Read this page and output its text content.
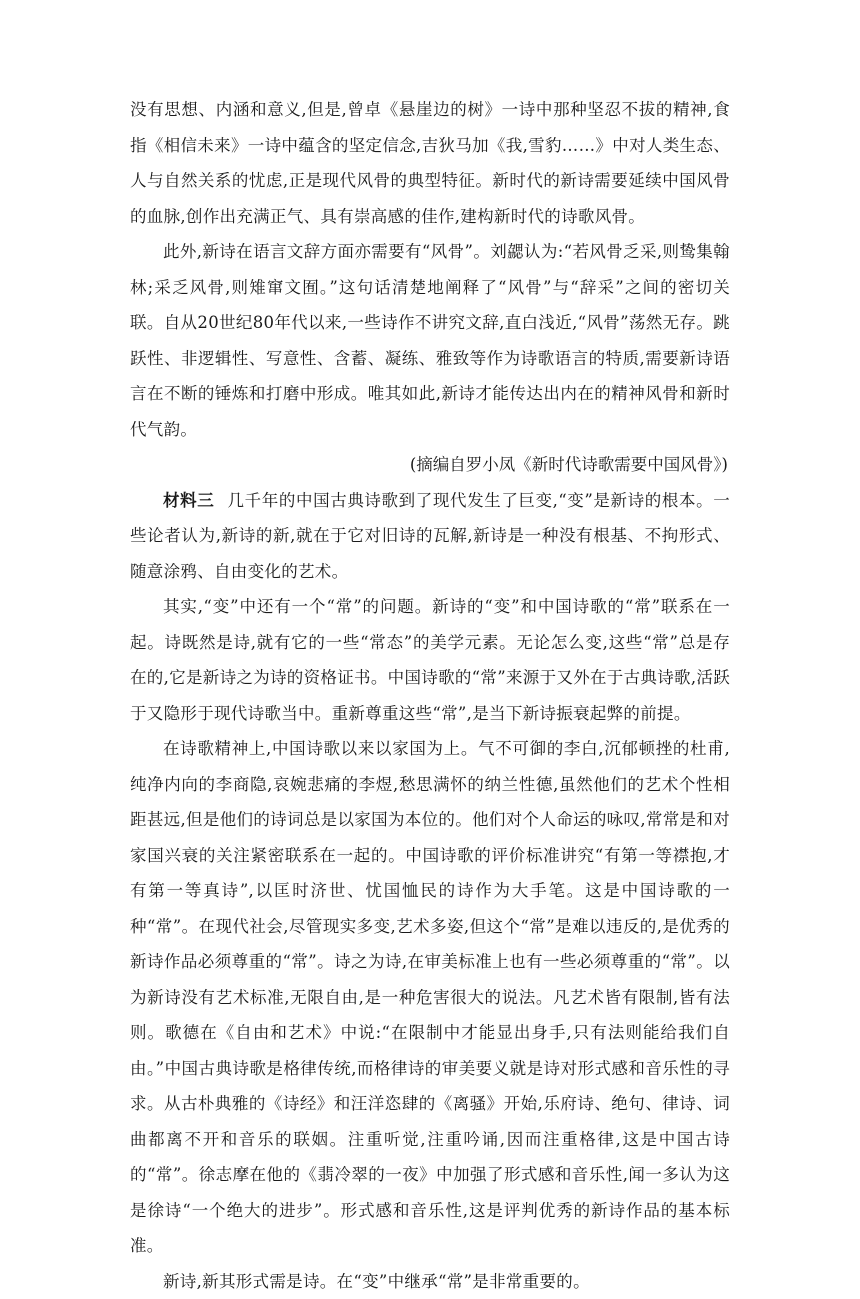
没有思想、内涵和意义,但是,曾卓《悬崖边的树》一诗中那种坚忍不拔的精神,食指《相信未来》一诗中蕴含的坚定信念,吉狄马加《我,雪豹……》中对人类生态、人与自然关系的忧虑,正是现代风骨的典型特征。新时代的新诗需要延续中国风骨的血脉,创作出充满正气、具有崇高感的佳作,建构新时代的诗歌风骨。

此外,新诗在语言文辞方面亦需要有“风骨”。刘勰认为:“若风骨乏采,则鸷集翰林;采乏风骨,则雉窜文囿。”这句话清楚地阐释了“风骨”与“辞采”之间的密切关联。自从20世纪80年代以来,一些诗作不讲究文辞,直白浅近,“风骨”荡然无存。跳跃性、非逻辑性、写意性、含蓄、凝练、雅致等作为诗歌语言的特质,需要新诗语言在不断的锤炼和打磨中形成。唯其如此,新诗才能传达出内在的精神风骨和新时代气韵。

(摘编自罗小凤《新时代诗歌需要中国风骨》)

材料三 几千年的中国古典诗歌到了现代发生了巨变,“变”是新诗的根本。一些论者认为,新诗的新,就在于它对旧诗的瓦解,新诗是一种没有根基、不拘形式、随意涂鸦、自由变化的艺术。

其实,“变”中还有一个“常”的问题。新诗的“变”和中国诗歌的“常”联系在一起。诗既然是诗,就有它的一些“常态”的美学元素。无论怎么变,这些“常”总是存在的,它是新诗之为诗的资格证书。中国诗歌的“常”来源于又外在于古典诗歌,活跃于又隐形于现代诗歌当中。重新尊重这些“常”,是当下新诗振衰起弊的前提。

在诗歌精神上,中国诗歌以来以家国为上。气不可御的李白,沉郁顿挫的杜甫,纯净内向的李商隐,哀婉悲痛的李煜,愁思满怀的纳兰性德,虽然他们的艺术个性相距甚远,但是他们的诗词总是以家国为本位的。他们对个人命运的咏叹,常常是和对家国兴衰的关注紧密联系在一起的。中国诗歌的评价标准讲究“有第一等襟抱,才有第一等真诗”,以匡时济世、忧国恤民的诗作为大手笔。这是中国诗歌的一种“常”。在现代社会,尽管现实多变,艺术多姿,但这个“常”是难以违反的,是优秀的新诗作品必须尊重的“常”。诗之为诗,在审美标准上也有一些必须尊重的“常”。以为新诗没有艺术标准,无限自由,是一种危害很大的说法。凡艺术皆有限制,皆有法则。歌德在《自由和艺术》中说:“在限制中才能显出身手,只有法则能给我们自由。”中国古典诗歌是格律传统,而格律诗的审美要义就是诗对形式感和音乐性的寻求。从古朴典雅的《诗经》和汪洋恣肆的《离骚》开始,乐府诗、绝句、律诗、词曲都离不开和音乐的联姻。注重听觉,注重吟诵,因而注重格律,这是中国古诗的“常”。徐志摩在他的《翡冷翠的一夜》中加强了形式感和音乐性,闻一多认为这是徐诗“一个绝大的进步”。形式感和音乐性,这是评判优秀的新诗作品的基本标准。

新诗,新其形式需是诗。在“变”中继承“常”是非常重要的。
